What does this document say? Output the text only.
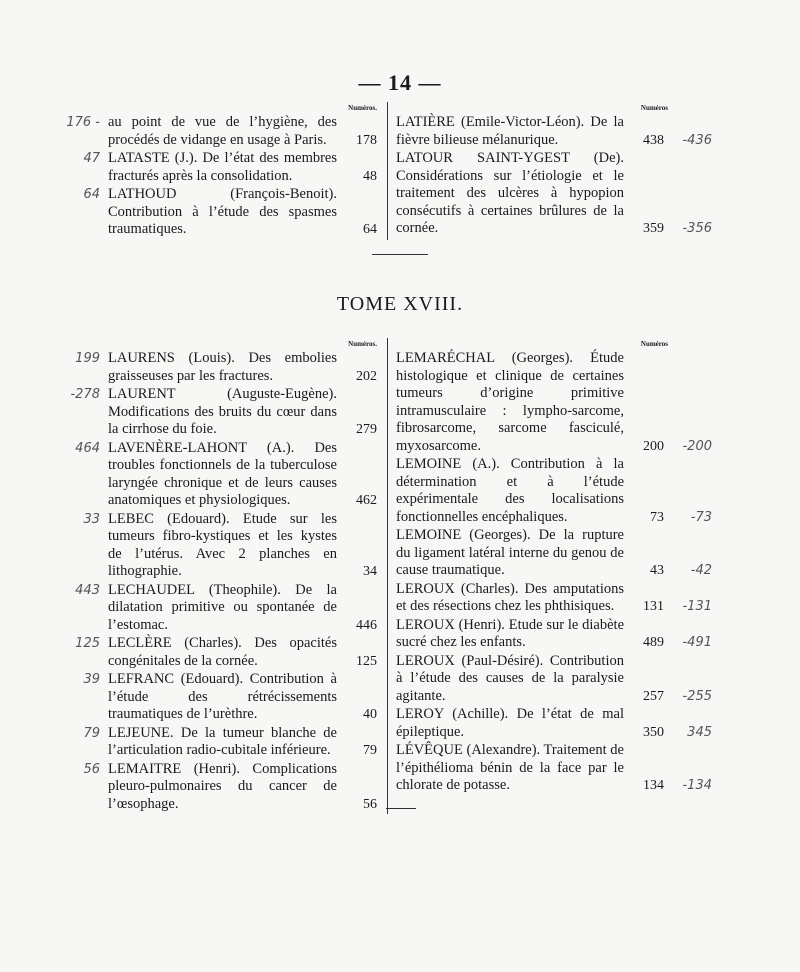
— 14 —
Numéros.
176 - au point de vue de l’hygiène, des procédés de vidange en usage à Paris. 178
47 LATASTE (J.). De l’état des membres fracturés après la consolidation.	48
64 LATHOUD (François-Benoit). Contribution à l’étude des spasmes traumatiques.	64
Numéros
LATIÈRE (Emile-Victor-Léon). De la fièvre bilieuse mélanurique.	438 -436
LATOUR SAINT-YGEST (De). Considérations sur l’étiologie et le traitement des ulcères à hypopion consécutifs à certaines brûlures de la cornée.	359 -356
TOME XVIII.
Numéros.
199 LAURENS (Louis). Des embolies graisseuses par les fractures.	202
-278 LAURENT (Auguste-Eugène). Modifications des bruits du cœur dans la cirrhose du foie.	279
464 LAVENÈRE-LAHONT (A.). Des troubles fonctionnels de la tuberculose laryngée chronique et de leurs causes anatomiques et physiologiques.	462
33 LEBEC (Edouard). Etude sur les tumeurs fibro-kystiques et les kystes de l’utérus. Avec 2 planches en lithographie.	34
443 LECHAUDEL (Theophile). De la dilatation primitive ou spontanée de l’estomac.	446
125 LECLÈRE (Charles). Des opacités congénitales de la cornée.	125
39 LEFRANC (Edouard). Contribution à l’étude des rétrécissements traumatiques de l’urèthre.	40
79 LEJEUNE. De la tumeur blanche de l’articulation radio-cubitale inférieure. 79
56 LEMAITRE (Henri). Complications pleuro-pulmonaires du cancer de l’œsophage.	56
Numéros
LEMARÉCHAL (Georges). Étude histologique et clinique de certaines tumeurs d’origine primitive intramusculaire : lympho-sarcome, fibrosarcome, sarcome fasciculé, myxosarcome.	200 -200
LEMOINE (A.). Contribution à la détermination et à l’étude expérimentale des localisations fonctionnelles encéphaliques.	73 -73
LEMOINE (Georges). De la rupture du ligament latéral interne du genou de cause traumatique.	43 -42
LEROUX (Charles). Des amputations et des résections chez les phthisiques. 131 -131
LEROUX (Henri). Etude sur le diabète sucré chez les enfants.	489 -491
LEROUX (Paul-Désiré). Contribution à l’étude des causes de la paralysie agitante.	257 -255
LEROY (Achille). De l’état de mal épileptique.	350 345
LÉVÊQUE (Alexandre). Traitement de l’épithélioma bénin de la face par le chlorate de potasse.	134 -134
